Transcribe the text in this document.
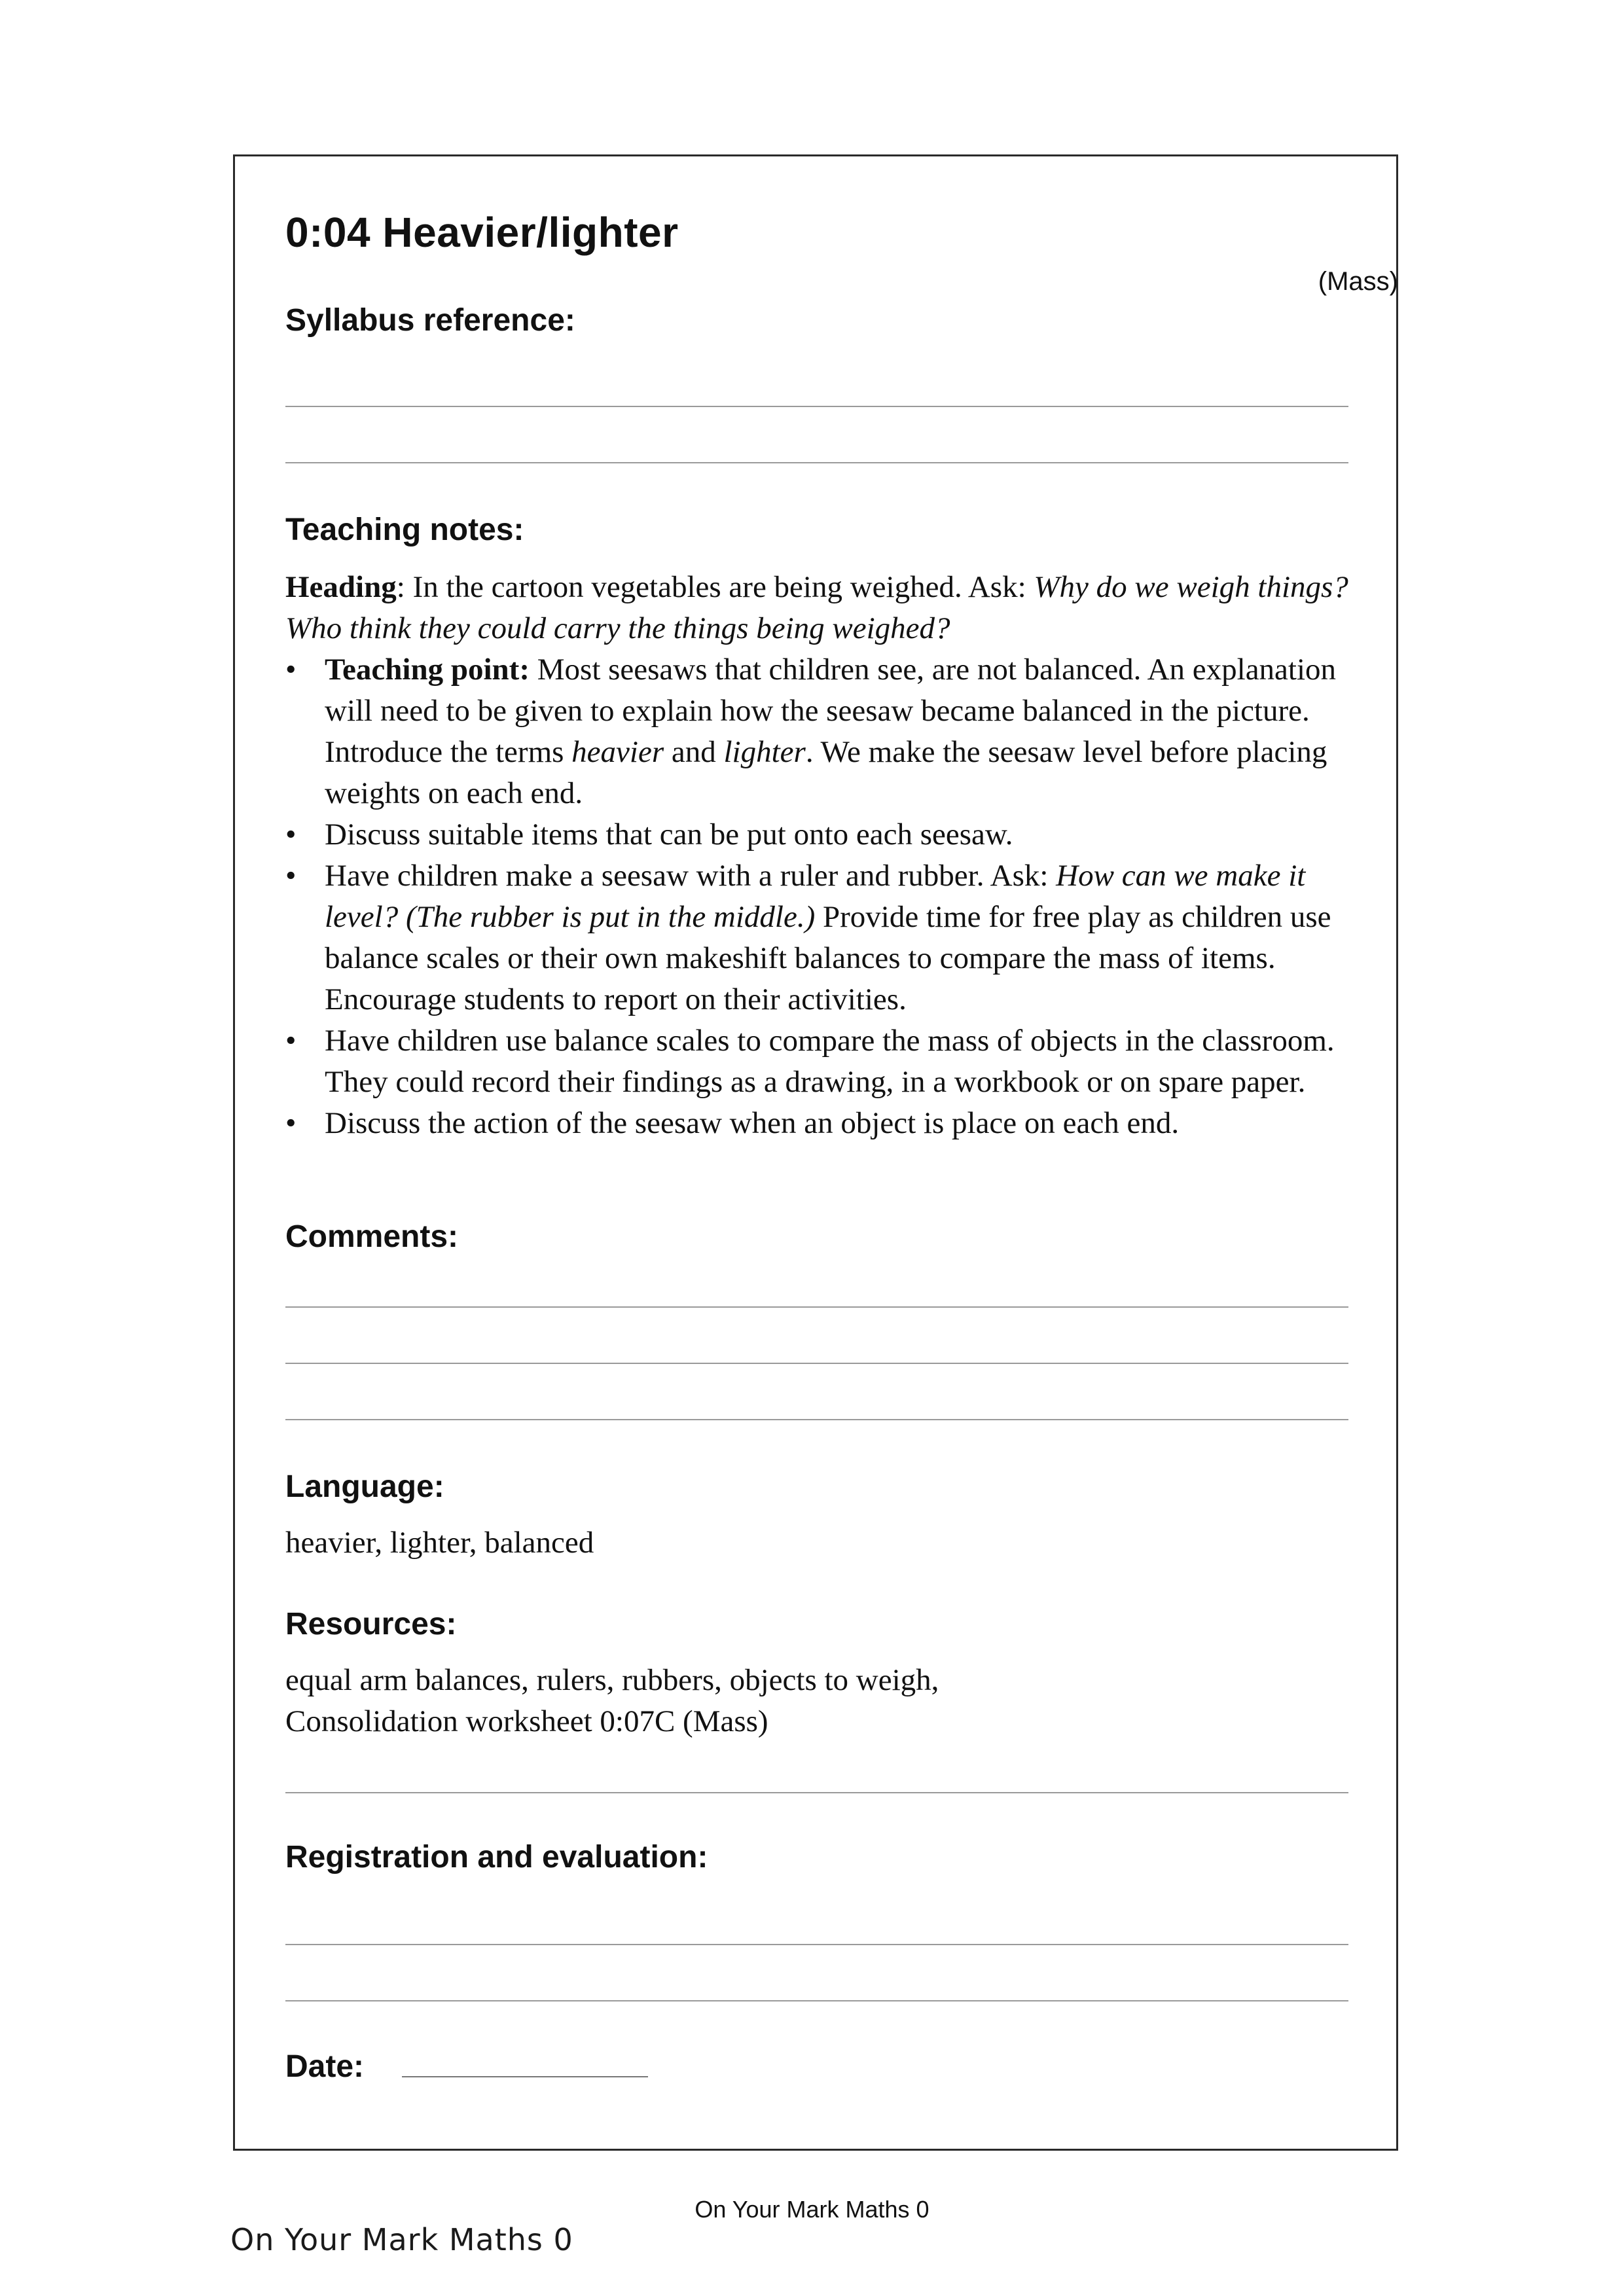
0:04 Heavier/lighter
(Mass)
Syllabus reference:
Teaching notes:

Heading: In the cartoon vegetables are being weighed. Ask: Why do we weigh things? Who think they could carry the things being weighed?

• Teaching point: Most seesaws that children see, are not balanced. An explanation will need to be given to explain how the seesaw became balanced in the picture. Introduce the terms heavier and lighter. We make the seesaw level before placing weights on each end.
• Discuss suitable items that can be put onto each seesaw.
• Have children make a seesaw with a ruler and rubber. Ask: How can we make it level? (The rubber is put in the middle.) Provide time for free play as children use balance scales or their own makeshift balances to compare the mass of items. Encourage students to report on their activities.
• Have children use balance scales to compare the mass of objects in the classroom. They could record their findings as a drawing, in a workbook or on spare paper.
• Discuss the action of the seesaw when an object is place on each end.
Comments:
Language:
heavier, lighter, balanced
Resources:
equal arm balances, rulers, rubbers, objects to weigh,
Consolidation worksheet 0:07C (Mass)
Registration and evaluation:
Date:
On Your Mark Maths 0
On Your Mark Maths 0
